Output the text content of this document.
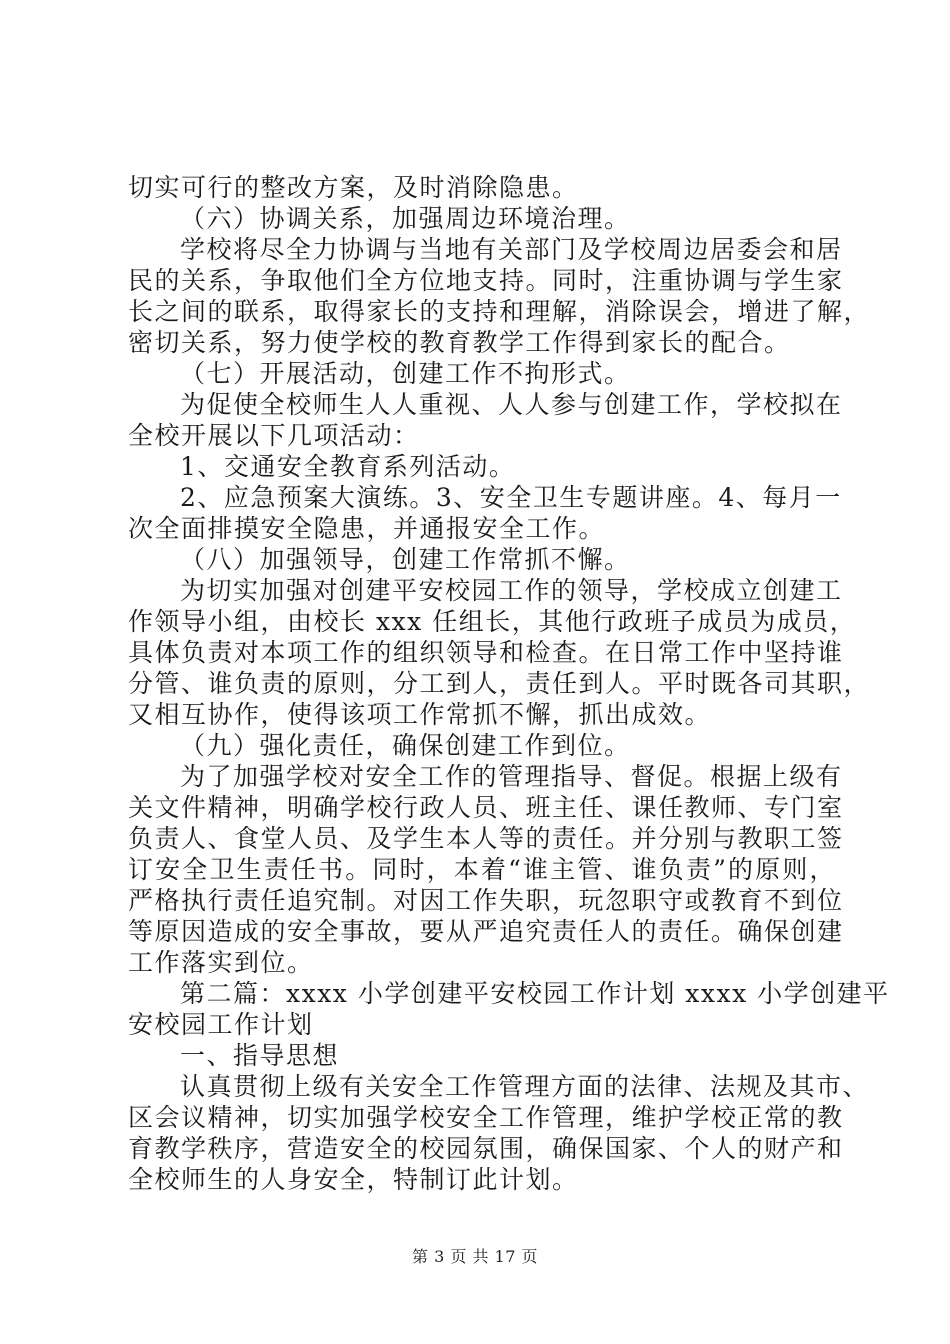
切实可行的整改方案，及时消除隐患。
（六）协调关系，加强周边环境治理。
学校将尽全力协调与当地有关部门及学校周边居委会和居
民的关系，争取他们全方位地支持。同时，注重协调与学生家
长之间的联系，取得家长的支持和理解，消除误会，增进了解，
密切关系，努力使学校的教育教学工作得到家长的配合。
（七）开展活动，创建工作不拘形式。
为促使全校师生人人重视、人人参与创建工作，学校拟在
全校开展以下几项活动：
1、交通安全教育系列活动。
2、应急预案大演练。3、安全卫生专题讲座。4、每月一
次全面排摸安全隐患，并通报安全工作。
（八）加强领导，创建工作常抓不懈。
为切实加强对创建平安校园工作的领导，学校成立创建工
作领导小组，由校长 xxx 任组长，其他行政班子成员为成员，
具体负责对本项工作的组织领导和检查。在日常工作中坚持谁
分管、谁负责的原则，分工到人，责任到人。平时既各司其职，
又相互协作，使得该项工作常抓不懈，抓出成效。
（九）强化责任，确保创建工作到位。
为了加强学校对安全工作的管理指导、督促。根据上级有
关文件精神，明确学校行政人员、班主任、课任教师、专门室
负责人、食堂人员、及学生本人等的责任。并分别与教职工签
订安全卫生责任书。同时，本着“谁主管、谁负责”的原则，
严格执行责任追究制。对因工作失职，玩忽职守或教育不到位
等原因造成的安全事故，要从严追究责任人的责任。确保创建
工作落实到位。
第二篇：xxxx 小学创建平安校园工作计划 xxxx 小学创建平
安校园工作计划
一、指导思想
认真贯彻上级有关安全工作管理方面的法律、法规及其市、
区会议精神，切实加强学校安全工作管理，维护学校正常的教
育教学秩序，营造安全的校园氛围，确保国家、个人的财产和
全校师生的人身安全，特制订此计划。
第 3 页 共 17 页
